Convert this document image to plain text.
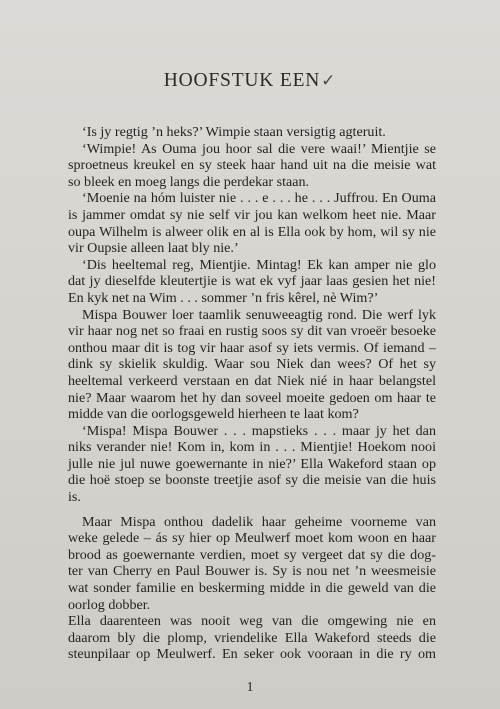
HOOFSTUK EEN✓
‘Is jy regtig ’n heks?’ Wimpie staan versigtig agteruit.
‘Wimpie! As Ouma jou hoor sal die vere waai!’ Mientjie se
sproetneus kreukel en sy steek haar hand uit na die meisie wat
so bleek en moeg langs die perdekar staan.
‘Moenie na hóm luister nie . . . e . . . he . . . Juffrou. En Ouma
is jammer omdat sy nie self vir jou kan welkom heet nie. Maar
oupa Wilhelm is alweer olik en al is Ella ook by hom, wil sy nie
vir Oupsie alleen laat bly nie.’
‘Dis heeltemal reg, Mientjie. Mintag! Ek kan amper nie glo
dat jy dieselfde kleutertjie is wat ek vyf jaar laas gesien het nie!
En kyk net na Wim . . . sommer ’n fris kêrel, nè Wim?’
Mispa Bouwer loer taamlik senuweeagtig rond. Die werf lyk
vir haar nog net so fraai en rustig soos sy dit van vroeër besoeke
onthou maar dit is tog vir haar asof sy iets vermis. Of iemand –
dink sy skielik skuldig. Waar sou Niek dan wees? Of het sy
heeltemal verkeerd verstaan en dat Niek nié in haar belangstel
nie? Maar waarom het hy dan soveel moeite gedoen om haar te
midde van die oorlogsgeweld hierheen te laat kom?
‘Mispa! Mispa Bouwer . . . mapstieks . . . maar jy het dan
niks verander nie! Kom in, kom in . . . Mientjie! Hoekom nooi
julle nie jul nuwe goewernante in nie?’ Ella Wakeford staan op
die hoë stoep se boonste treetjie asof sy die meisie van die huis
is.
Maar Mispa onthou dadelik haar geheime voorneme van
weke gelede – ás sy hier op Meulwerf moet kom woon en haar
brood as goewernante verdien, moet sy vergeet dat sy die dog-
ter van Cherry en Paul Bouwer is. Sy is nou net ’n weesmeisie
wat sonder familie en beskerming midde in die geweld van die
oorlog dobber.
Ella daarenteen was nooit weg van die omgewing nie en
daarom bly die plomp, vriendelike Ella Wakeford steeds die
steunpilaar op Meulwerf. En seker ook vooraan in die ry om
1
